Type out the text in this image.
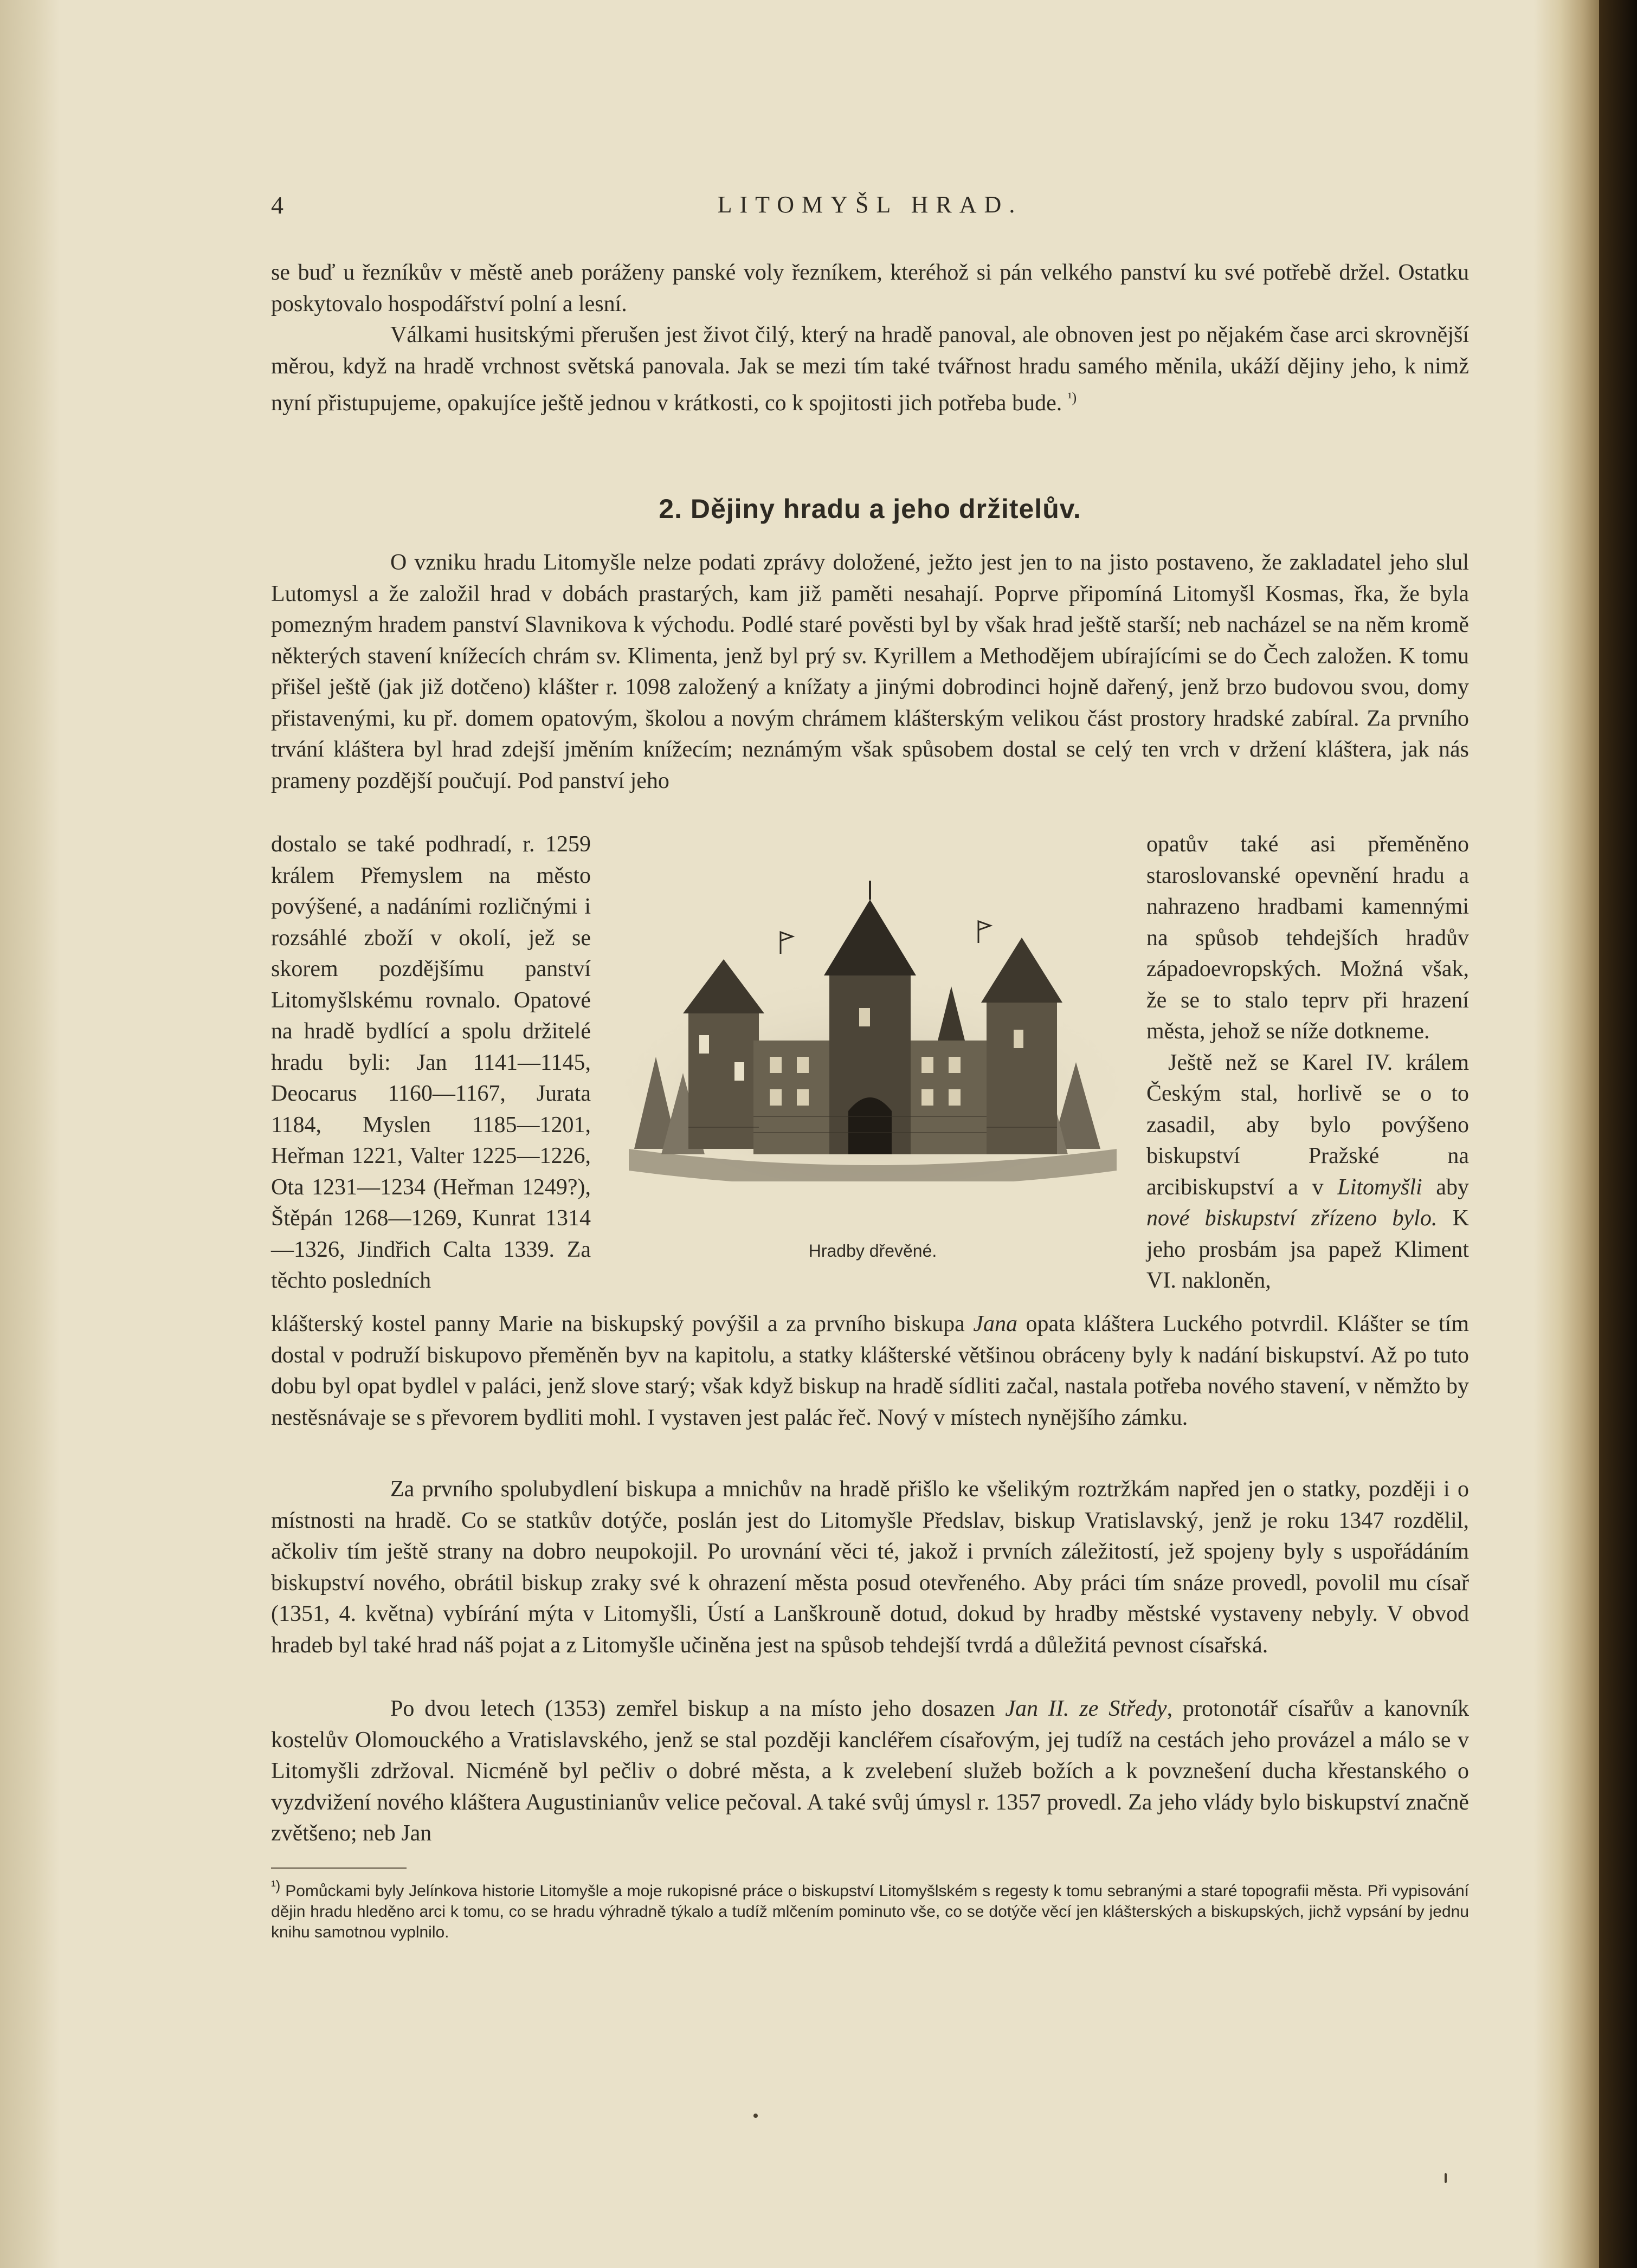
4	LITOMYŠL HRAD.

se buď u řezníkův v městě aneb poráženy panské voly řezníkem, kteréhož si pán velkého panství ku své potřebě držel. Ostatku poskytovalo hospodářství polní a lesní.

Válkami husitskými přerušen jest život čilý, který na hradě panoval, ale obnoven jest po nějakém čase arci skrovnější měrou, když na hradě vrchnost světská panovala. Jak se mezi tím také tvářnost hradu samého měnila, ukáží dějiny jeho, k nimž nyní přistupujeme, opakujíce ještě jednou v krátkosti, co k spojitosti jich potřeba bude. $^{^1)}$

2. Dějiny hradu a jeho držitelův.

O vzniku hradu Litomyšle nelze podati zprávy doložené, ježto jest jen to na jisto postaveno, že zakladatel jeho slul Lutomysl a že založil hrad v dobách prastarých, kam již paměti nesahají. Poprve připomíná Litomyšl Kosmas, řka, že byla pomezným hradem panství Slavnikova k východu. Podlé staré pověsti byl by však hrad ještě starší; neb nacházel se na něm kromě některých stavení knížecích chrám sv. Klimenta, jenž byl prý sv. Kyrillem a Methodějem ubírajícími se do Čech založen. K tomu přišel ještě (jak již dotčeno) klášter r. 1098 založený a knížaty a jinými dobrodinci hojně dařený, jenž brzo budovou svou, domy přistavenými, ku př. domem opatovým, školou a novým chrámem klášterským velikou část prostory hradské zabíral. Za prvního trvání kláštera byl hrad zdejší jměním knížecím; neznámým však spůsobem dostal se celý ten vrch v držení kláštera, jak nás prameny pozdější poučují. Pod panství jeho

dostalo se také podhradí, r. 1259 králem Přemyslem na město povýšené, a nadáními rozličnými i rozsáhlé zboží v okolí, jež se skorem pozdějšímu panství Litomyšlskému rovnalo. Opatové na hradě bydlící a spolu držitelé hradu byli: Jan 1141—1145, Deocarus 1160—1167, Jurata 1184, Myslen 1185—1201, Heřman 1221, Valter 1225—1226, Ota 1231—1234 (Heřman 1249?), Štěpán 1268—1269, Kunrat 1314—1326, Jindřich Calta 1339. Za těchto posledních

Hradby dřevěné.

opatův také asi přeměněno staroslovanské opevnění hradu a nahrazeno hradbami kamennými na spůsob tehdejších hradův západoevropských. Možná však, že se to stalo teprv při hrazení města, jehož se níže dotkneme.
Ještě než se Karel IV. králem Českým stal, horlivě se o to zasadil, aby bylo povýšeno biskupství Pražské na arcibiskupství a v Litomyšli aby nové biskupství zřízeno bylo. K jeho prosbám jsa papež Kliment VI. nakloněn,

klášterský kostel panny Marie na biskupský povýšil a za prvního biskupa Jana opata kláštera Luckého potvrdil. Klášter se tím dostal v podruží biskupovo přeměněn byv na kapitolu, a statky klášterské většinou obráceny byly k nadání biskupství. Až po tuto dobu byl opat bydlel v paláci, jenž slove starý; však když biskup na hradě sídliti začal, nastala potřeba nového stavení, v němžto by nestěsnávaje se s převorem bydliti mohl. I vystaven jest palác řeč. Nový v místech nynějšího zámku.

Za prvního spolubydlení biskupa a mnichův na hradě přišlo ke všelikým roztržkám napřed jen o statky, později i o místnosti na hradě. Co se statkův dotýče, poslán jest do Litomyšle Předslav, biskup Vratislavský, jenž je roku 1347 rozdělil, ačkoliv tím ještě strany na dobro neupokojil. Po urovnání věci té, jakož i prvních záležitostí, jež spojeny byly s uspořádáním biskupství nového, obrátil biskup zraky své k ohrazení města posud otevřeného. Aby práci tím snáze provedl, povolil mu císař (1351, 4. května) vybírání mýta v Litomyšli, Ústí a Lanškrouně dotud, dokud by hradby městské vystaveny nebyly. V obvod hradeb byl také hrad náš pojat a z Litomyšle učiněna jest na spůsob tehdejší tvrdá a důležitá pevnost císařská.

Po dvou letech (1353) zemřel biskup a na místo jeho dosazen Jan II. ze Středy, protonotář císařův a kanovník kostelův Olomouckého a Vratislavského, jenž se stal později kancléřem císařovým, jej tudíž na cestách jeho provázel a málo se v Litomyšli zdržoval. Nicméně byl pečliv o dobré města, a k zvelebení služeb božích a k povznešení ducha křestanského o vyzdvižení nového kláštera Augustinianův velice pečoval. A také svůj úmysl r. 1357 provedl. Za jeho vlády bylo biskupství značně zvětšeno; neb Jan

¹) Pomůckami byly Jelínkova historie Litomyšle a moje rukopisné práce o biskupství Litomyšlském s regesty k tomu sebranými a staré topografii města. Při vypisování dějin hradu hleděno arci k tomu, co se hradu výhradně týkalo a tudíž mlčením pominuto vše, co se dotýče věcí jen klášterských a biskupských, jichž vypsání by jednu knihu samotnou vyplnilo.
